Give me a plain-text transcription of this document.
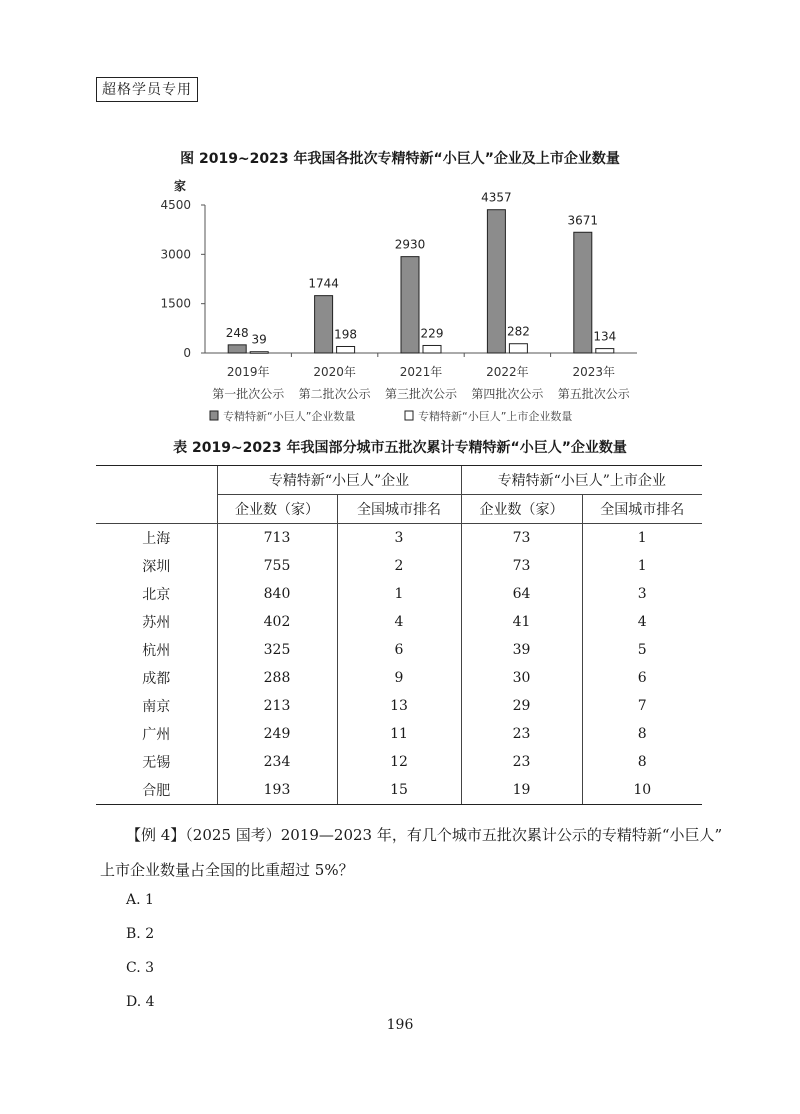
超格学员专用
图 2019~2023 年我国各批次专精特新“小巨人”企业及上市企业数量
家
0
1500
3000
4500
248 39
2019年
第一批次公示
1744
198
2020年
第二批次公示
2930
229
2021年
第三批次公示
4357
282
2022年
第四批次公示
3671
134
2023年
第五批次公示
专精特新“小巨人”企业数量	专精特新“小巨人”上市企业数量
表 2019~2023 年我国部分城市五批次累计专精特新“小巨人”企业数量
	专精特新“小巨人”企业		专精特新“小巨人”上市企业	
	企业数（家）	全国城市排名	企业数（家）	全国城市排名
上海	713	3	73	1
深圳	755	2	73	1
北京	840	1	64	3
苏州	402	4	41	4
杭州	325	6	39	5
成都	288	9	30	6
南京	213	13	29	7
广州	249	11	23	8
无锡	234	12	23	8
合肥	193	15	19	10
【例 4】（2025 国考）2019—2023 年，有几个城市五批次累计公示的专精特新“小巨人”
上市企业数量占全国的比重超过 5%？
A. 1
B. 2
C. 3
D. 4
196
